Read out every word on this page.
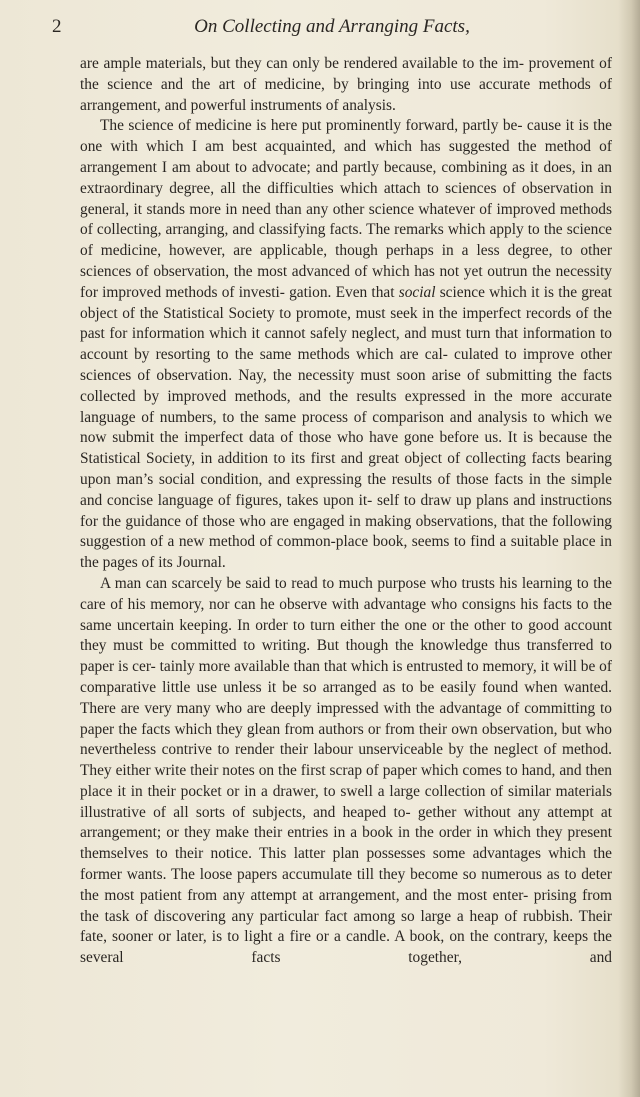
2	On Collecting and Arranging Facts,

are ample materials, but they can only be rendered available to the im- provement of the science and the art of medicine, by bringing into use accurate methods of arrangement, and powerful instruments of analysis.

The science of medicine is here put prominently forward, partly be- cause it is the one with which I am best acquainted, and which has suggested the method of arrangement I am about to advocate; and partly because, combining as it does, in an extraordinary degree, all the difficulties which attach to sciences of observation in general, it stands more in need than any other science whatever of improved methods of collecting, arranging, and classifying facts. The remarks which apply to the science of medicine, however, are applicable, though perhaps in a less degree, to other sciences of observation, the most advanced of which has not yet outrun the necessity for improved methods of investi- gation. Even that social science which it is the great object of the Statistical Society to promote, must seek in the imperfect records of the past for information which it cannot safely neglect, and must turn that information to account by resorting to the same methods which are cal- culated to improve other sciences of observation. Nay, the necessity must soon arise of submitting the facts collected by improved methods, and the results expressed in the more accurate language of numbers, to the same process of comparison and analysis to which we now submit the imperfect data of those who have gone before us. It is because the Statistical Society, in addition to its first and great object of collecting facts bearing upon man’s social condition, and expressing the results of those facts in the simple and concise language of figures, takes upon it- self to draw up plans and instructions for the guidance of those who are engaged in making observations, that the following suggestion of a new method of common-place book, seems to find a suitable place in the pages of its Journal.

A man can scarcely be said to read to much purpose who trusts his learning to the care of his memory, nor can he observe with advantage who consigns his facts to the same uncertain keeping. In order to turn either the one or the other to good account they must be committed to writing. But though the knowledge thus transferred to paper is cer- tainly more available than that which is entrusted to memory, it will be of comparative little use unless it be so arranged as to be easily found when wanted. There are very many who are deeply impressed with the advantage of committing to paper the facts which they glean from authors or from their own observation, but who nevertheless contrive to render their labour unserviceable by the neglect of method. They either write their notes on the first scrap of paper which comes to hand, and then place it in their pocket or in a drawer, to swell a large collection of similar materials illustrative of all sorts of subjects, and heaped to- gether without any attempt at arrangement; or they make their entries in a book in the order in which they present themselves to their notice. This latter plan possesses some advantages which the former wants. The loose papers accumulate till they become so numerous as to deter the most patient from any attempt at arrangement, and the most enter- prising from the task of discovering any particular fact among so large a heap of rubbish. Their fate, sooner or later, is to light a fire or a candle. A book, on the contrary, keeps the several facts together, and
